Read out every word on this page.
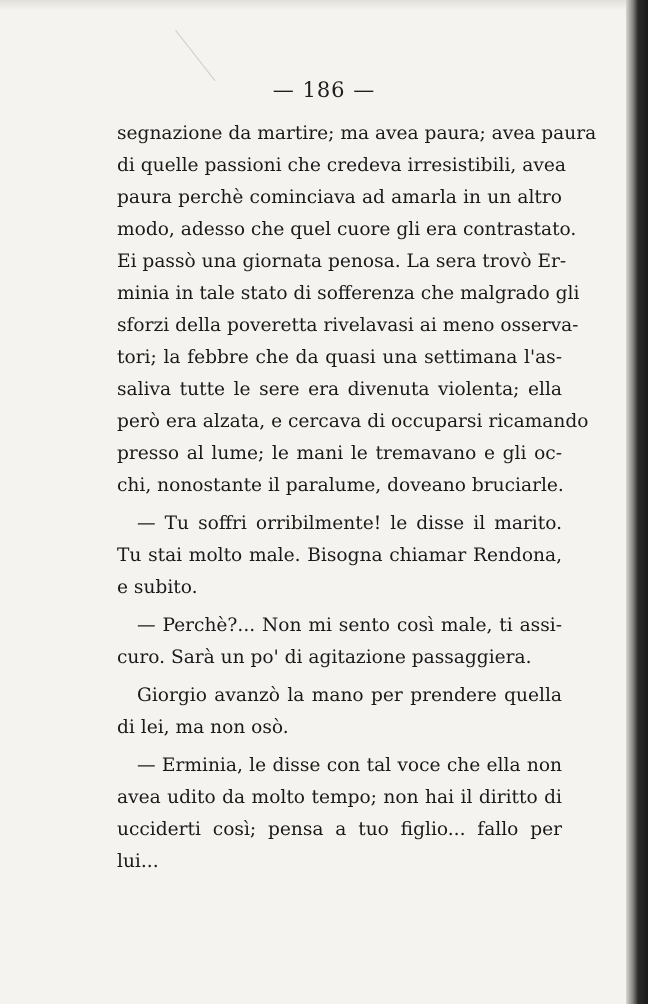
— 186 —
segnazione da martire; ma avea paura; avea paura
di quelle passioni che credeva irresistibili, avea
paura perchè cominciava ad amarla in un altro
modo, adesso che quel cuore gli era contrastato.
Ei passò una giornata penosa. La sera trovò Er-
minia in tale stato di sofferenza che malgrado gli
sforzi della poveretta rivelavasi ai meno osserva-
tori; la febbre che da quasi una settimana l'as-
saliva tutte le sere era divenuta violenta; ella
però era alzata, e cercava di occuparsi ricamando
presso al lume; le mani le tremavano e gli oc-
chi, nonostante il paralume, doveano bruciarle.
— Tu soffri orribilmente! le disse il marito.
Tu stai molto male. Bisogna chiamar Rendona,
e subito.
— Perchè?... Non mi sento così male, ti assi-
curo. Sarà un po' di agitazione passaggiera.
Giorgio avanzò la mano per prendere quella
di lei, ma non osò.
— Erminia, le disse con tal voce che ella non
avea udito da molto tempo; non hai il diritto di
ucciderti così; pensa a tuo figlio... fallo per
lui...
